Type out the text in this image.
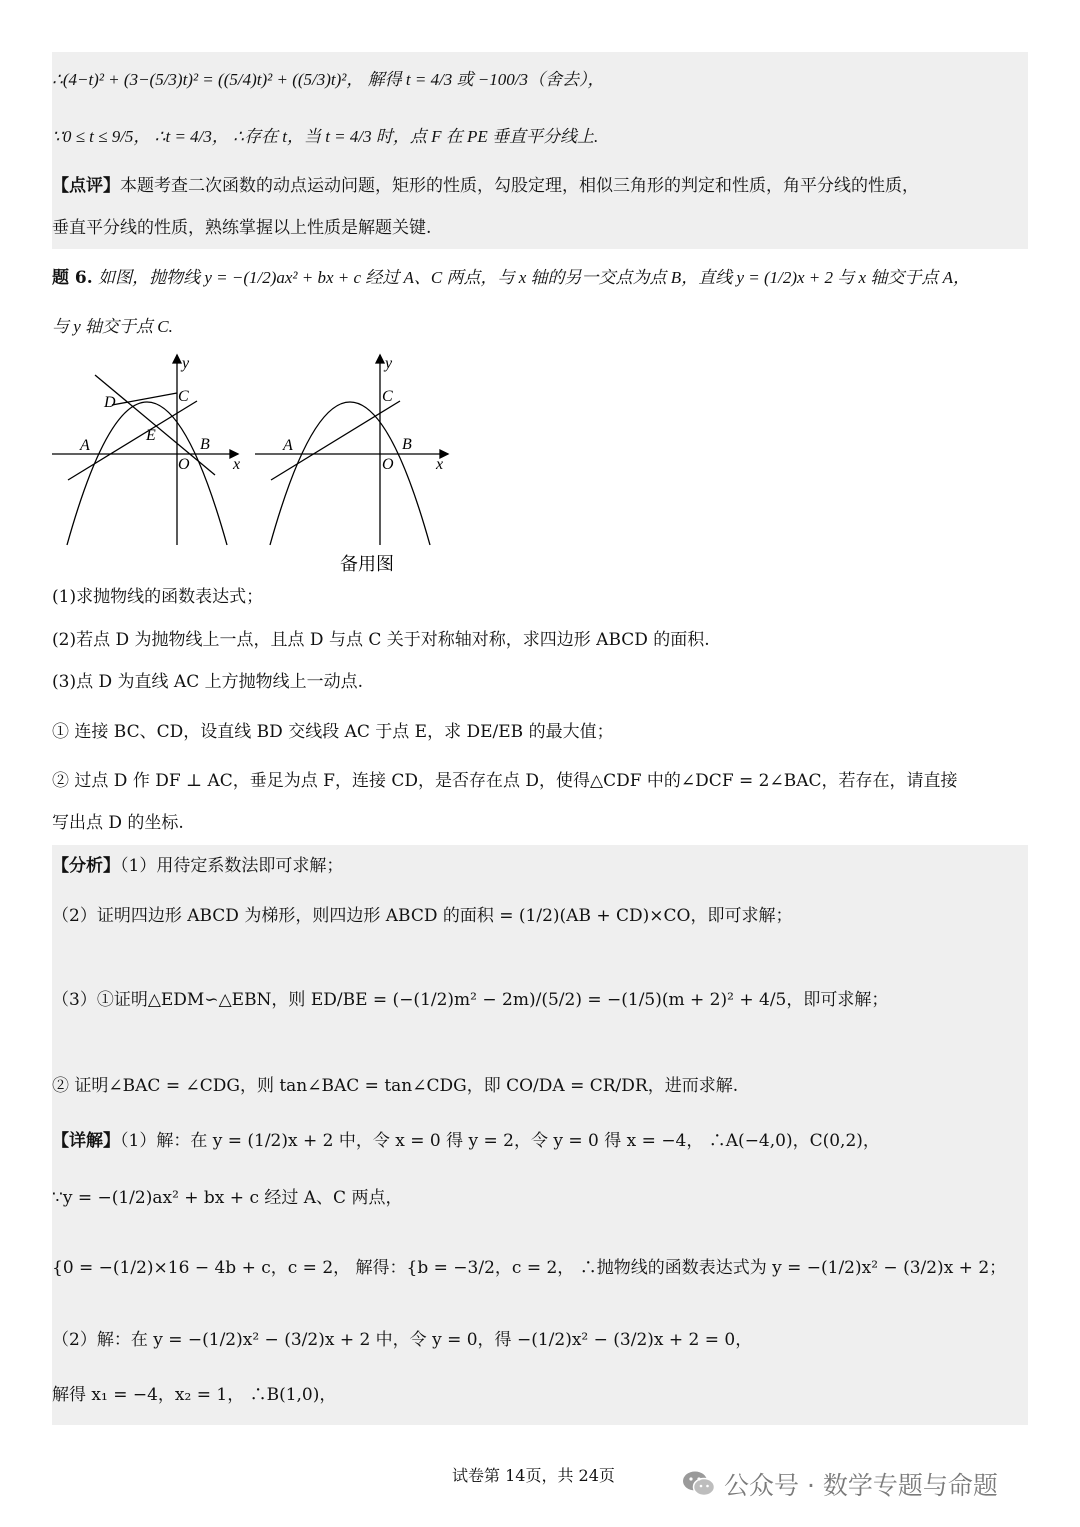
∴(4−t)² + (3−(5/3)t)² = ((5/4)t)² + ((5/3)t)²， 解得 t = 4/3 或 −100/3（舍去），
∵0 ≤ t ≤ 9/5， ∴t = 4/3， ∴存在 t，当 t = 4/3 时，点 F 在 PE 垂直平分线上.
【点评】本题考查二次函数的动点运动问题，矩形的性质，勾股定理，相似三角形的判定和性质，角平分线的性质，
垂直平分线的性质，熟练掌握以上性质是解题关键.
题 6. 如图，抛物线 y = −(1/2)ax² + bx + c 经过 A、C 两点，与 x 轴的另一交点为点 B，直线 y = (1/2)x + 2 与 x 轴交于点 A，
与 y 轴交于点 C.
y
D	C
E
A	B
O	x
y
C
A	B
O	x
备用图
(1)求抛物线的函数表达式；
(2)若点 D 为抛物线上一点，且点 D 与点 C 关于对称轴对称，求四边形 ABCD 的面积.
(3)点 D 为直线 AC 上方抛物线上一动点.
① 连接 BC、CD，设直线 BD 交线段 AC 于点 E，求 DE/EB 的最大值；
② 过点 D 作 DF ⊥ AC，垂足为点 F，连接 CD，是否存在点 D，使得△CDF 中的∠DCF = 2∠BAC，若存在，请直接
写出点 D 的坐标.
【分析】（1）用待定系数法即可求解；
（2）证明四边形 ABCD 为梯形，则四边形 ABCD 的面积 = (1/2)(AB + CD)×CO，即可求解；
（3）①证明△EDM∽△EBN，则 ED/BE = (−(1/2)m² − 2m)/(5/2) = −(1/5)(m + 2)² + 4/5，即可求解；
② 证明∠BAC = ∠CDG，则 tan∠BAC = tan∠CDG，即 CO/DA = CR/DR，进而求解.
【详解】（1）解：在 y = (1/2)x + 2 中，令 x = 0 得 y = 2，令 y = 0 得 x = −4， ∴A(−4,0)，C(0,2)，
∵y = −(1/2)ax² + bx + c 经过 A、C 两点，
{0 = −(1/2)×16 − 4b + c，c = 2， 解得：{b = −3/2，c = 2， ∴抛物线的函数表达式为 y = −(1/2)x² − (3/2)x + 2；
（2）解：在 y = −(1/2)x² − (3/2)x + 2 中，令 y = 0，得 −(1/2)x² − (3/2)x + 2 = 0，
解得 x₁ = −4，x₂ = 1， ∴B(1,0)，
试卷第 14页，共 24页	公众号 · 数学专题与命题
